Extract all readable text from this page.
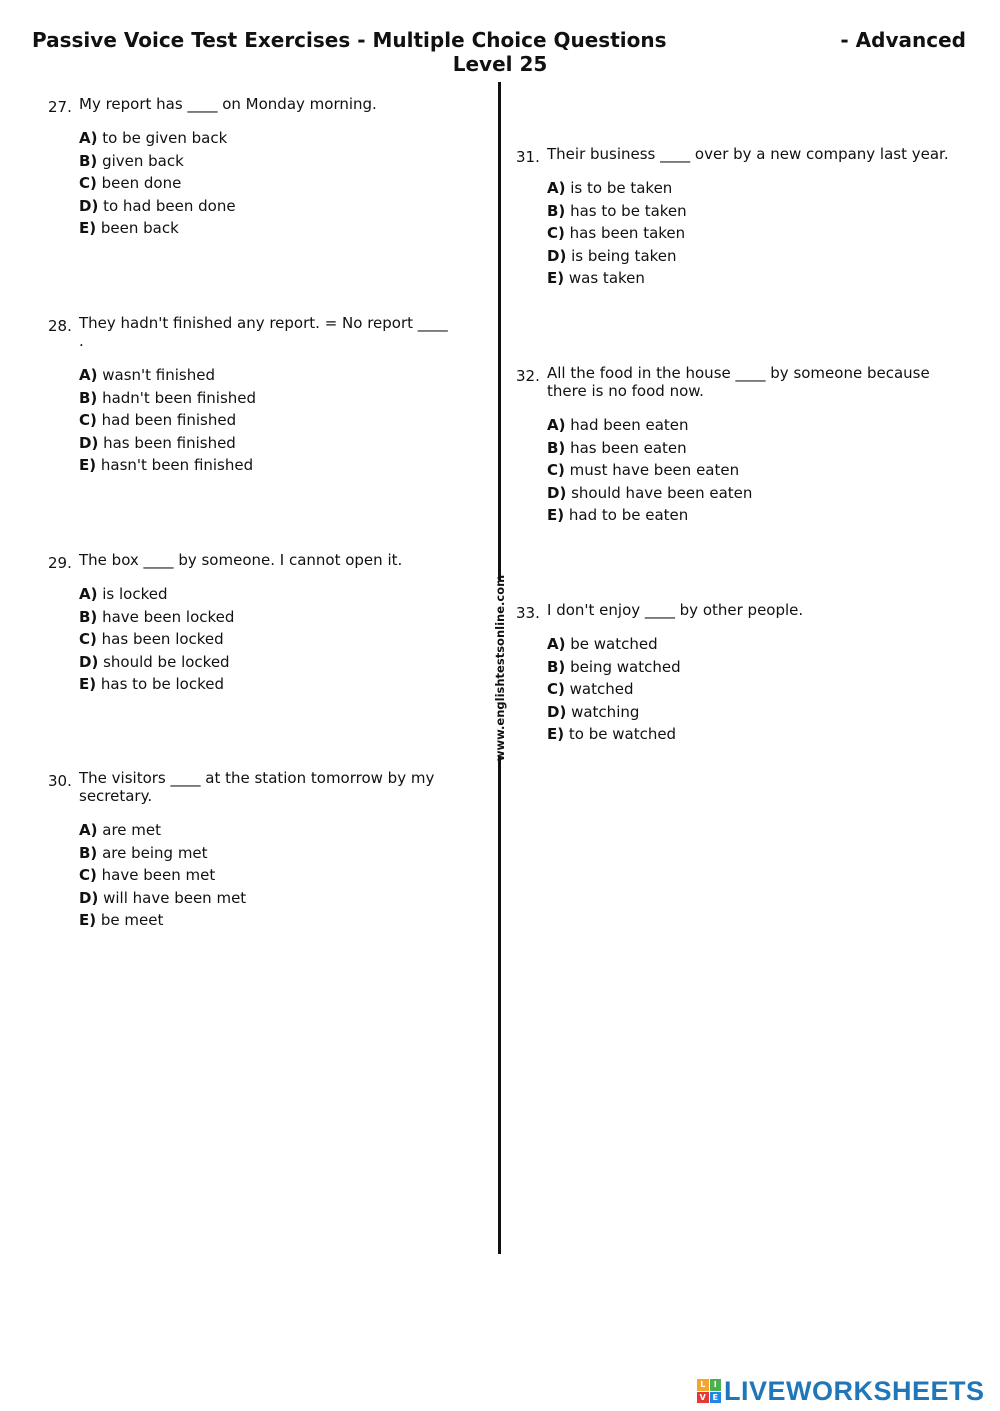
Passive Voice Test Exercises - Multiple Choice Questions	- Advanced
Level 25
www.englishtestsonline.com
27. My report has ____ on Monday morning.
A) to be given back
B) given back
C) been done
D) to had been done
E) been back
28. They hadn't finished any report. = No report ____ .
A) wasn't finished
B) hadn't been finished
C) had been finished
D) has been finished
E) hasn't been finished
29. The box ____ by someone. I cannot open it.
A) is locked
B) have been locked
C) has been locked
D) should be locked
E) has to be locked
30. The visitors ____ at the station tomorrow by my secretary.
A) are met
B) are being met
C) have been met
D) will have been met
E) be meet
31. Their business ____ over by a new company last year.
A) is to be taken
B) has to be taken
C) has been taken
D) is being taken
E) was taken
32. All the food in the house ____ by someone because there is no food now.
A) had been eaten
B) has been eaten
C) must have been eaten
D) should have been eaten
E) had to be eaten
33. I don't enjoy ____ by other people.
A) be watched
B) being watched
C) watched
D) watching
E) to be watched
L	I
V E LIVEWORKSHEETS
